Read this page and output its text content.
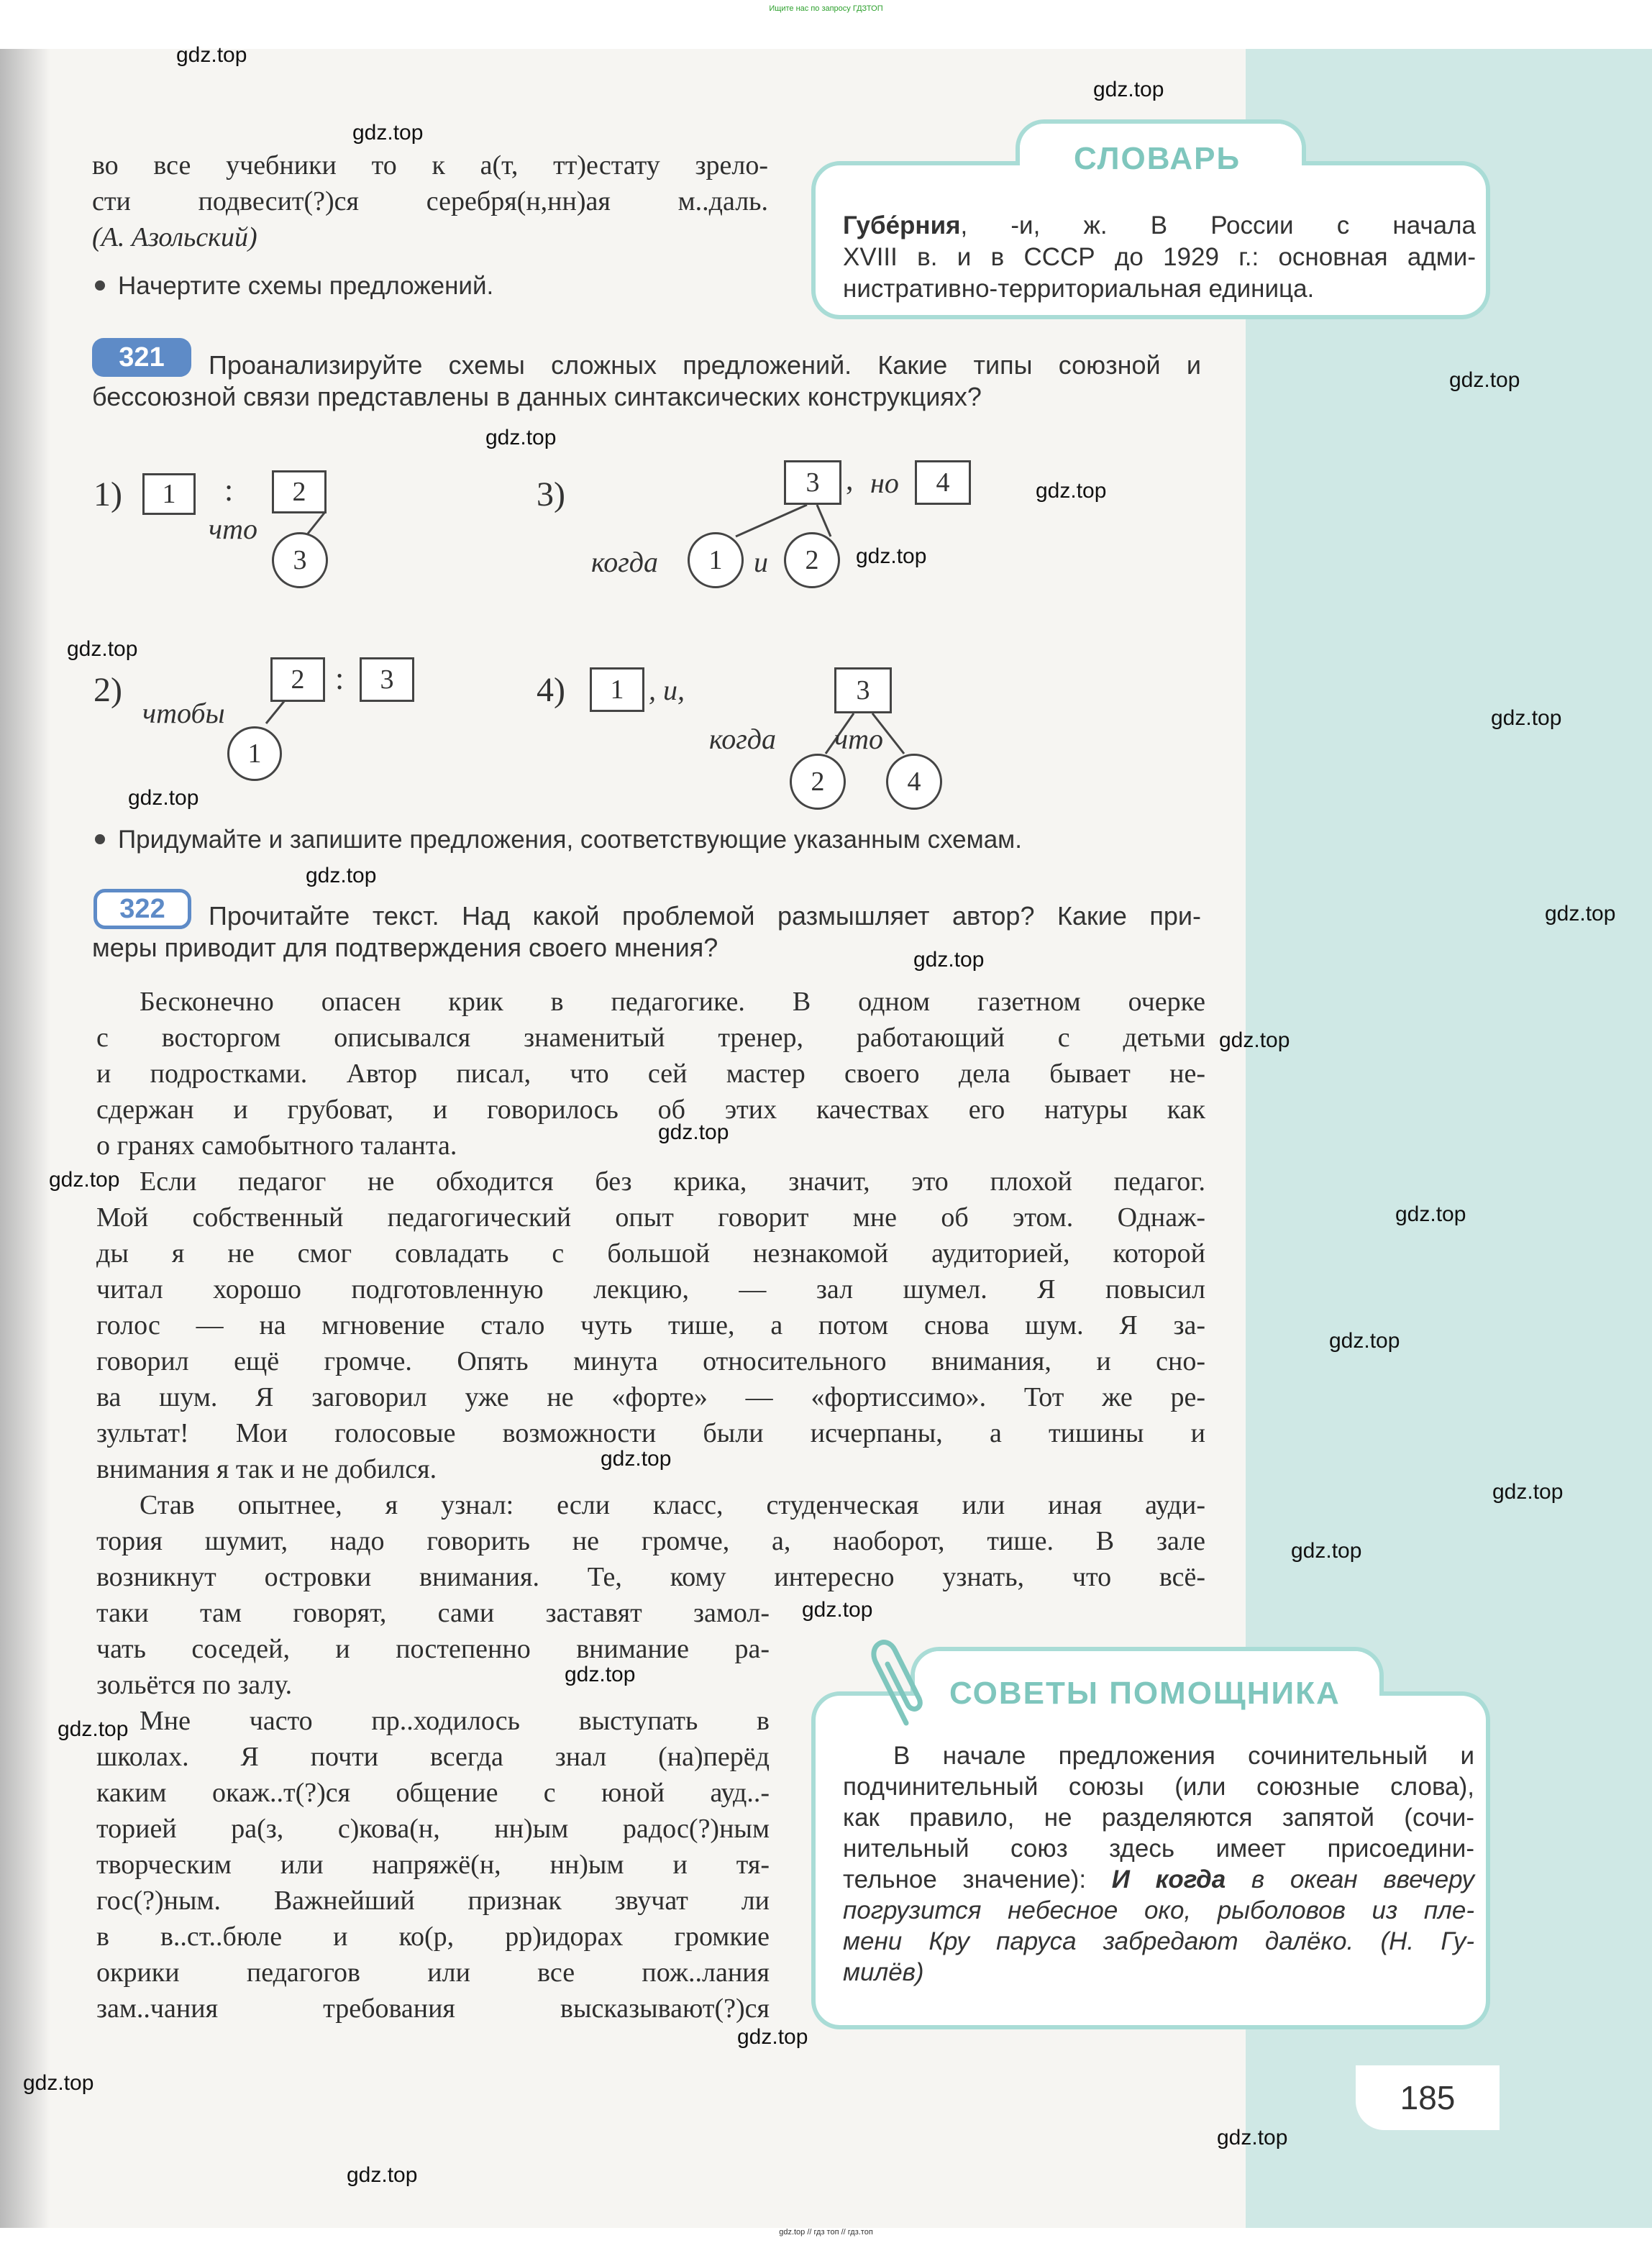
Ищите нас по запросу ГДЗТОП
gdz.top // гдз топ // гдз.топ
gdz.top
gdz.top
gdz.top
gdz.top
gdz.top
gdz.top
gdz.top
gdz.top
gdz.top
gdz.top
gdz.top
gdz.top
gdz.top
gdz.top
gdz.top
gdz.top
gdz.top
gdz.top
gdz.top
gdz.top
gdz.top
gdz.top
gdz.top
gdz.top
gdz.top
gdz.top
gdz.top
gdz.top
во все учебники то к а(т, тт)естату зрело-
сти подвесит(?)ся серебря(н,нн)ая м..даль.
(А. Азольский)
Начертите схемы предложений.
СЛОВАРЬ
Губе́рния, -и, ж. В России с начала
XVIII в. и в СССР до 1929 г.: основная адми-
нистративно-территориальная единица.
321	Проанализируйте схемы сложных предложений. Какие типы союзной и
бессоюзной связи представлены в данных синтаксических конструкциях?
1)	1	:	2
что
3
2)
чтобы
2 :	3
1
3)	3 , но	4
когда	1	и	2
4)	1 , и,	3
когда что
2	4
Придумайте и запишите предложения, соответствующие указанным схемам.
322	Прочитайте текст. Над какой проблемой размышляет автор? Какие при-
меры приводит для подтверждения своего мнения?
Бесконечно опасен крик в педагогике. В одном газетном очерке
с восторгом описывался знаменитый тренер, работающий с детьми
и подростками. Автор писал, что сей мастер своего дела бывает не-
сдержан и грубоват, и говорилось об этих качествах его натуры как
о гранях самобытного таланта.
Если педагог не обходится без крика, значит, это плохой педагог.
Мой собственный педагогический опыт говорит мне об этом. Однаж-
ды я не смог совладать с большой незнакомой аудиторией, которой
читал хорошо подготовленную лекцию, — зал шумел. Я повысил
голос — на мгновение стало чуть тише, а потом снова шум. Я за-
говорил ещё громче. Опять минута относительного внимания, и сно-
ва шум. Я заговорил уже не «форте» — «фортиссимо». Тот же ре-
зультат! Мои голосовые возможности были исчерпаны, а тишины и
внимания я так и не добился.
Став опытнее, я узнал: если класс, студенческая или иная ауди-
тория шумит, надо говорить не громче, а, наоборот, тише. В зале
возникнут островки внимания. Те, кому интересно узнать, что всё-
таки там говорят, сами заставят замол-
чать соседей, и постепенно внимание ра-
зольётся по залу.
Мне часто пр..ходилось выступать в
школах. Я почти всегда знал (на)перёд
каким окаж..т(?)ся общение с юной ауд..-
торией ра(з, с)кова(н, нн)ым радос(?)ным
творческим или напряжё(н, нн)ым и тя-
гос(?)ным. Важнейший признак звучат ли
в в..ст..бюле и ко(р, рр)идорах громкие
окрики педагогов или все пож..лания
зам..чания требования высказывают(?)ся
СОВЕТЫ ПОМОЩНИКА
В начале предложения сочинительный и
подчинительный союзы (или союзные слова),
как правило, не разделяются запятой (сочи-
нительный союз здесь имеет присоедини-
тельное значение): И когда в океан ввечеру
погрузится небесное око, рыболовов из пле-
мени Кру паруса забредают далёко. (Н. Гу-
милёв)
185
